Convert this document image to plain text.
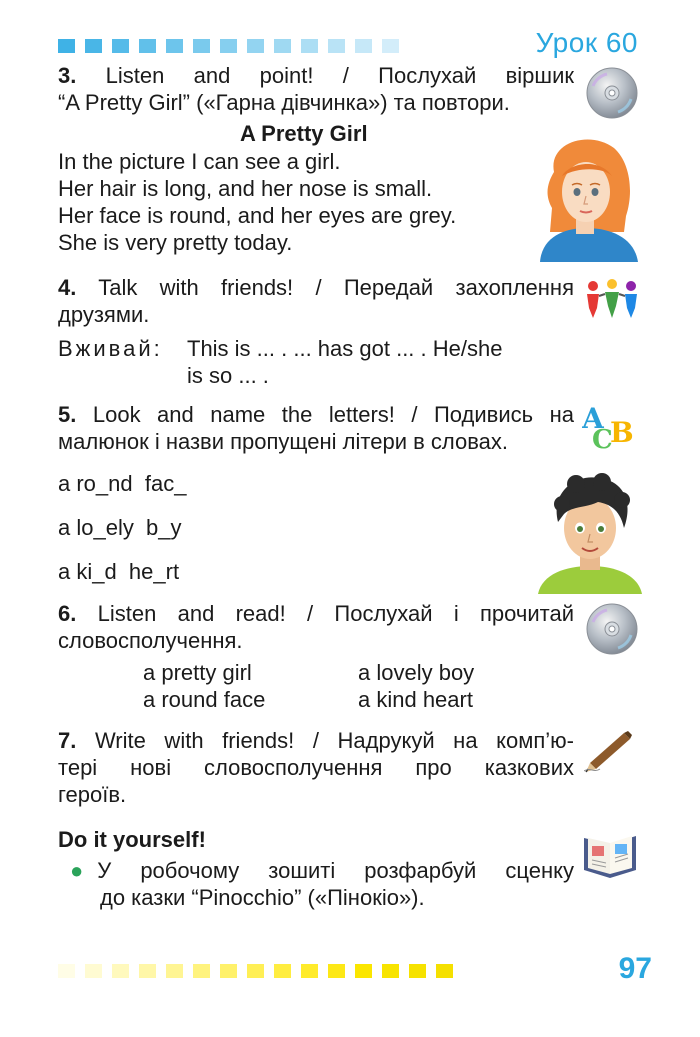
Урок 60
3. Listen and point! / Послухай віршик
“A Pretty Girl” («Гарна дівчинка») та повтори.
A Pretty Girl
In the picture I can see a girl.
Her hair is long, and her nose is small.
Her face is round, and her eyes are grey.
She is very pretty today.
4. Talk with friends! / Передай захоплення
друзями.
Вживай: This is ... . ... has got ... . He/she
is so ... .
5. Look and name the letters! / Подивись на
малюнок і назви пропущені літери в словах.
a ro_nd  fac_
a lo_ely  b_y
a ki_d  he_rt
A
C
B
6. Listen and read! / Послухай і прочитай
словосполучення.
a pretty girl
a round face
a lovely boy
a kind heart
7. Write with friends! / Надрукуй на комп’ю-
тері нові словосполучення про казкових
героїв.
Do it yourself!
● У робочому зошиті розфарбуй сценку
до казки “Pinocchio” («Пінокіо»).
97
